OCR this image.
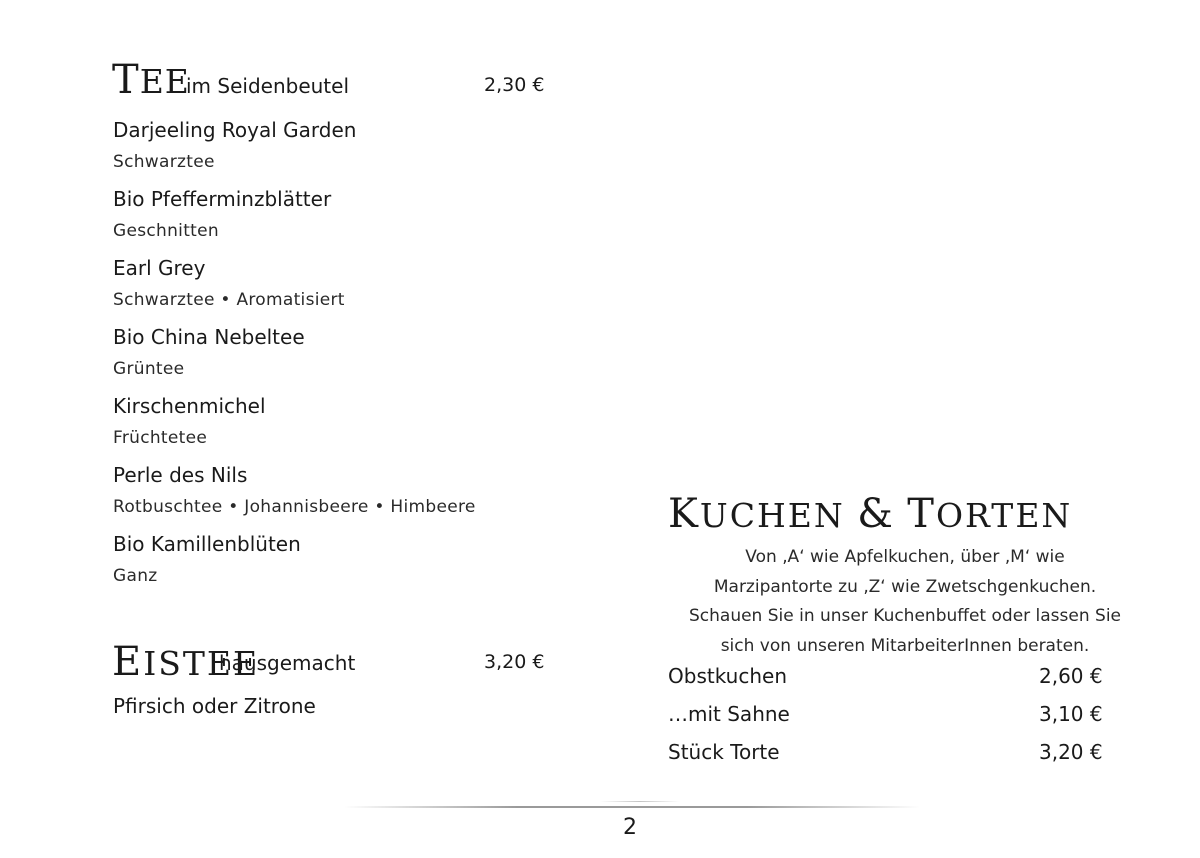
TEE
im Seidenbeutel	2,30 €
Darjeeling Royal Garden
Schwarztee
Bio Pfefferminzblätter
Geschnitten
Earl Grey
Schwarztee • Aromatisiert
Bio China Nebeltee
Grüntee
Kirschenmichel
Früchtetee
Perle des Nils
Rotbuschtee • Johannisbeere • Himbeere
Bio Kamillenblüten
Ganz
EISTEE
hausgemacht	3,20 €
Pfirsich oder Zitrone
KUCHEN & TORTEN
Von ‚A‘ wie Apfelkuchen, über ‚M‘ wie
Marzipantorte zu ‚Z‘ wie Zwetschgenkuchen.
Schauen Sie in unser Kuchenbuffet oder lassen Sie
sich von unseren MitarbeiterInnen beraten.
Obstkuchen	2,60 €
…mit Sahne	3,10 €
Stück Torte	3,20 €
2
